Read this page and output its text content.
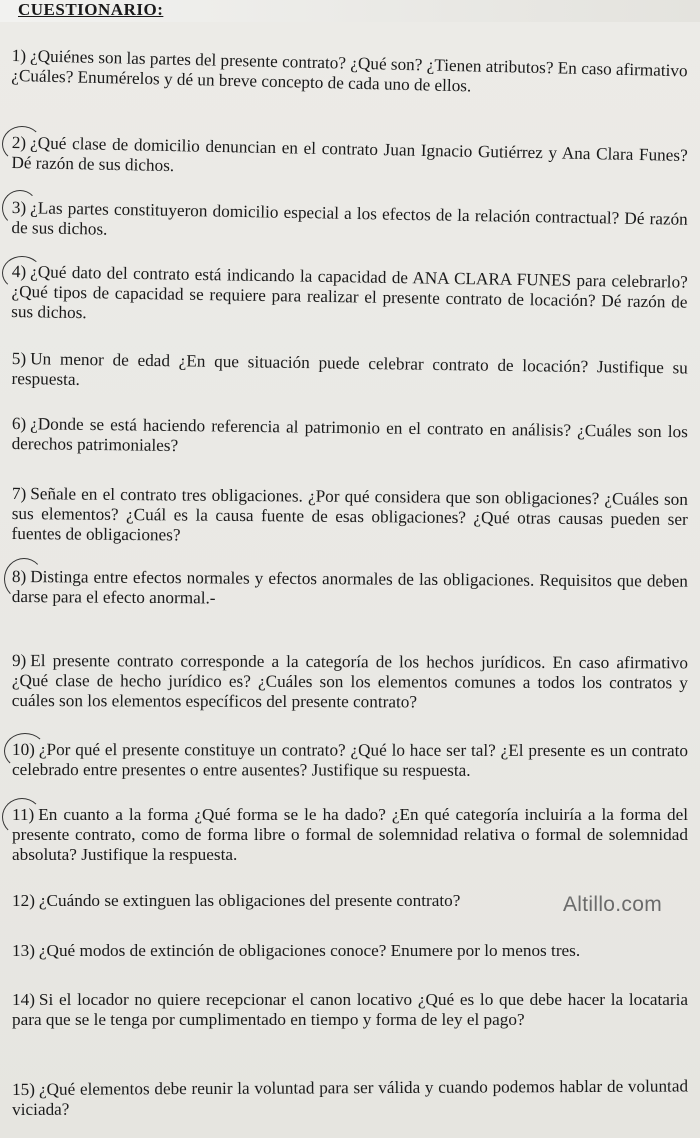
CUESTIONARIO:
1) ¿Quiénes son las partes del presente contrato? ¿Qué son? ¿Tienen atributos? En caso afirmativo ¿Cuáles? Enumérelos y dé un breve concepto de cada uno de ellos.
2) ¿Qué clase de domicilio denuncian en el contrato Juan Ignacio Gutiérrez y Ana Clara Funes? Dé razón de sus dichos.
3) ¿Las partes constituyeron domicilio especial a los efectos de la relación contractual? Dé razón de sus dichos.
4) ¿Qué dato del contrato está indicando la capacidad de ANA CLARA FUNES para celebrarlo? ¿Qué tipos de capacidad se requiere para realizar el presente contrato de locación? Dé razón de sus dichos.
5) Un menor de edad ¿En que situación puede celebrar contrato de locación? Justifique su respuesta.
6) ¿Donde se está haciendo referencia al patrimonio en el contrato en análisis? ¿Cuáles son los derechos patrimoniales?
7) Señale en el contrato tres obligaciones. ¿Por qué considera que son obligaciones? ¿Cuáles son sus elementos? ¿Cuál es la causa fuente de esas obligaciones? ¿Qué otras causas pueden ser fuentes de obligaciones?
8) Distinga entre efectos normales y efectos anormales de las obligaciones. Requisitos que deben darse para el efecto anormal.-
9) El presente contrato corresponde a la categoría de los hechos jurídicos. En caso afirmativo ¿Qué clase de hecho jurídico es? ¿Cuáles son los elementos comunes a todos los contratos y cuáles son los elementos específicos del presente contrato?
10) ¿Por qué el presente constituye un contrato? ¿Qué lo hace ser tal? ¿El presente es un contrato celebrado entre presentes o entre ausentes? Justifique su respuesta.
11) En cuanto a la forma ¿Qué forma se le ha dado? ¿En qué categoría incluiría a la forma del presente contrato, como de forma libre o formal de solemnidad relativa o formal de solemnidad absoluta? Justifique la respuesta.
12) ¿Cuándo se extinguen las obligaciones del presente contrato?
13) ¿Qué modos de extinción de obligaciones conoce? Enumere por lo menos tres.
14) Si el locador no quiere recepcionar el canon locativo ¿Qué es lo que debe hacer la locataria para que se le tenga por cumplimentado en tiempo y forma de ley el pago?
15) ¿Qué elementos debe reunir la voluntad para ser válida y cuando podemos hablar de voluntad viciada?
Altillo.com
